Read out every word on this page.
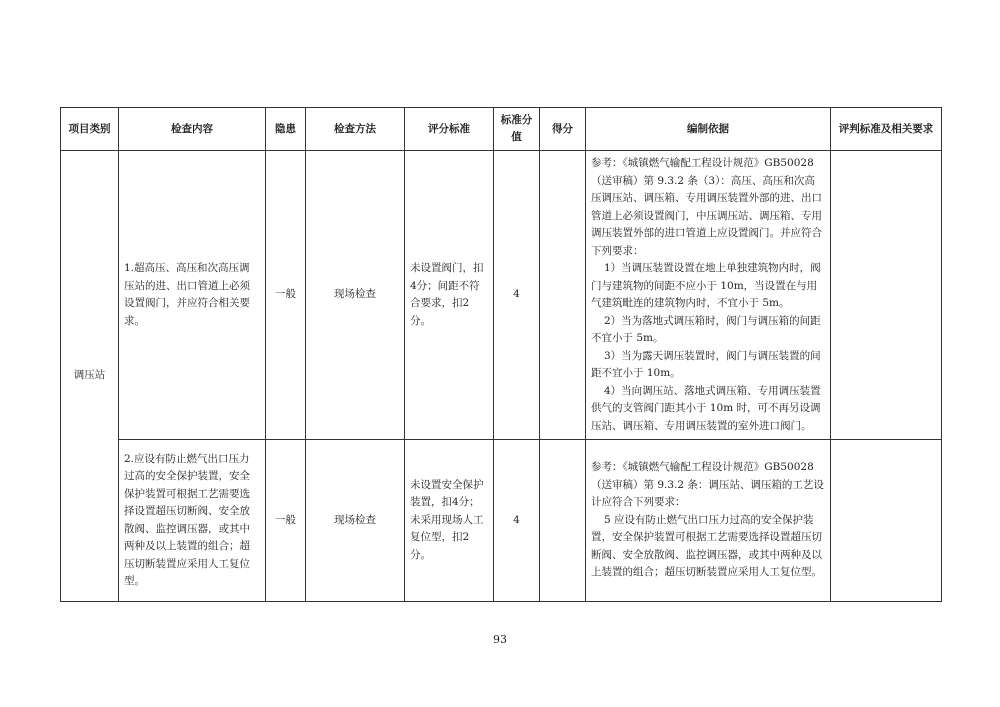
项目类别	检查内容	隐患	检查方法	评分标准	标准分值	得分	编制依据	评判标准及相关要求
调压站	1.超高压、高压和次高压调压站的进、出口管道上必须设置阀门，并应符合相关要求。	一般	现场检查	未设置阀门，扣4分；间距不符合要求，扣2分。	4		参考：《城镇燃气输配工程设计规范》GB50028（送审稿）第 9.3.2 条（3）：高压、高压和次高压调压站、调压箱、专用调压装置外部的进、出口管道上必须设置阀门，中压调压站、调压箱、专用调压装置外部的进口管道上应设置阀门。并应符合下列要求：

1）当调压装置设置在地上单独建筑物内时，阀门与建筑物的间距不应小于 10m，当设置在与用气建筑毗连的建筑物内时，不宜小于 5m。

2）当为落地式调压箱时，阀门与调压箱的间距不宜小于 5m。

3）当为露天调压装置时，阀门与调压装置的间距不宜小于 10m。

4）当向调压站、落地式调压箱、专用调压装置供气的支管阀门距其小于 10m 时，可不再另设调压站、调压箱、专用调压装置的室外进口阀门。	

	2.应设有防止燃气出口压力过高的安全保护装置，安全保护装置可根据工艺需要选择设置超压切断阀、安全放散阀、监控调压器，或其中两种及以上装置的组合；超压切断装置应采用人工复位型。	一般	现场检查	未设置安全保护装置，扣4分；未采用现场人工复位型，扣2分。	4		参考：《城镇燃气输配工程设计规范》GB50028（送审稿）第 9.3.2 条：调压站、调压箱的工艺设计应符合下列要求：

5 应设有防止燃气出口压力过高的安全保护装置，安全保护装置可根据工艺需要选择设置超压切断阀、安全放散阀、监控调压器，或其中两种及以上装置的组合；超压切断装置应采用人工复位型。	

93
